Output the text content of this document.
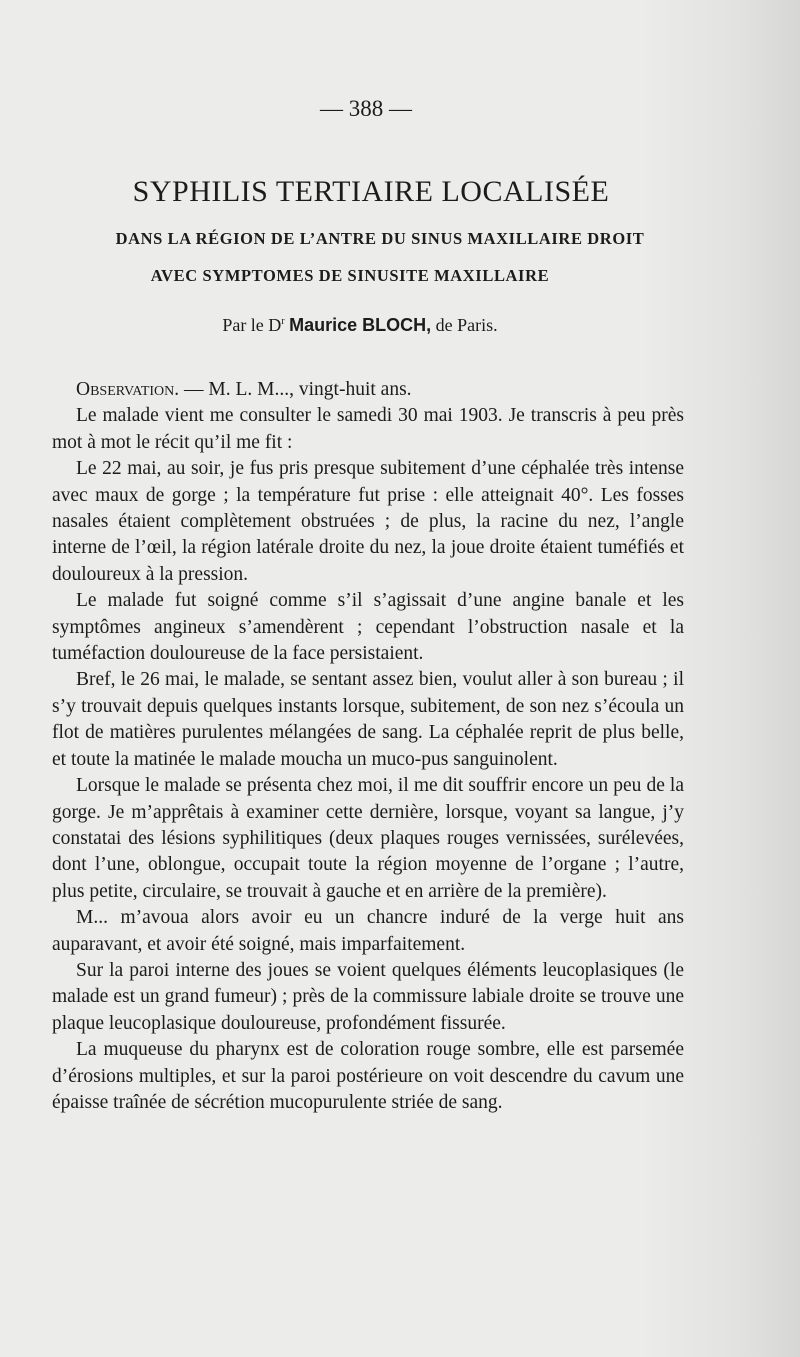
— 388 —
SYPHILIS TERTIAIRE LOCALISÉE
DANS LA RÉGION DE L’ANTRE DU SINUS MAXILLAIRE DROIT
AVEC SYMPTOMES DE SINUSITE MAXILLAIRE
Par le $D^r$ Maurice BLOCH, de Paris.

Observation. — M. L. M..., vingt-huit ans.

Le malade vient me consulter le samedi 30 mai 1903. Je transcris à peu près mot à mot le récit qu’il me fit :

Le 22 mai, au soir, je fus pris presque subitement d’une céphalée très intense avec maux de gorge ; la température fut prise : elle atteignait 40°. Les fosses nasales étaient complètement obstruées ; de plus, la racine du nez, l’angle interne de l’œil, la région latérale droite du nez, la joue droite étaient tuméfiés et douloureux à la pression.

Le malade fut soigné comme s’il s’agissait d’une angine banale et les symptômes angineux s’amendèrent ; cependant l’obstruction nasale et la tuméfaction douloureuse de la face persistaient.

Bref, le 26 mai, le malade, se sentant assez bien, voulut aller à son bureau ; il s’y trouvait depuis quelques instants lorsque, subitement, de son nez s’écoula un flot de matières purulentes mélangées de sang. La céphalée reprit de plus belle, et toute la matinée le malade moucha un muco-pus sanguinolent.

Lorsque le malade se présenta chez moi, il me dit souffrir encore un peu de la gorge. Je m’apprêtais à examiner cette dernière, lorsque, voyant sa langue, j’y constatai des lésions syphilitiques (deux plaques rouges vernissées, surélevées, dont l’une, oblongue, occupait toute la région moyenne de l’organe ; l’autre, plus petite, circulaire, se trouvait à gauche et en arrière de la première).

M... m’avoua alors avoir eu un chancre induré de la verge huit ans auparavant, et avoir été soigné, mais imparfaitement.

Sur la paroi interne des joues se voient quelques éléments leucoplasiques (le malade est un grand fumeur) ; près de la commissure labiale droite se trouve une plaque leucoplasique douloureuse, profondément fissurée.

La muqueuse du pharynx est de coloration rouge sombre, elle est parsemée d’érosions multiples, et sur la paroi postérieure on voit descendre du cavum une épaisse traînée de sécrétion mucopurulente striée de sang.
